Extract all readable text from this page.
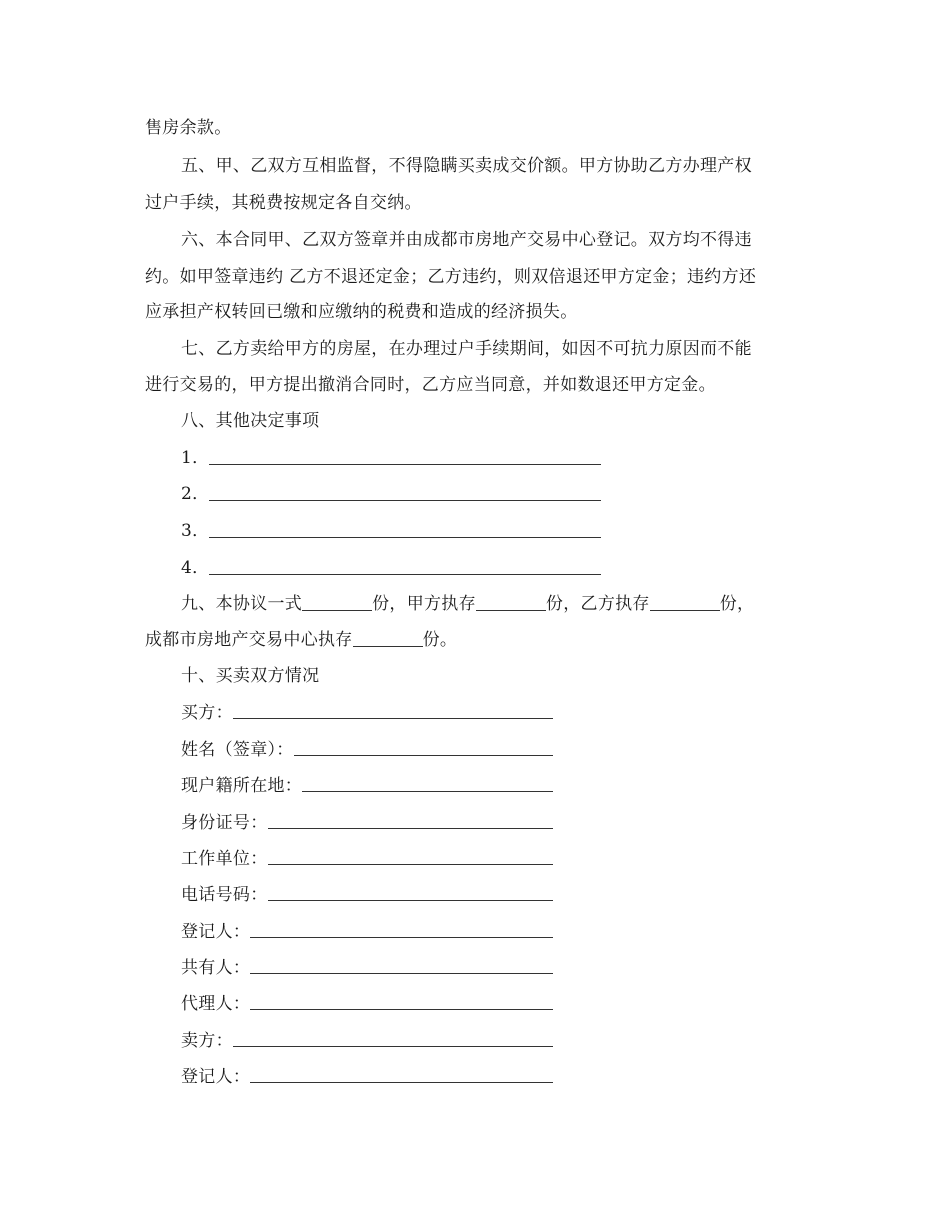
售房余款。
五、甲、乙双方互相监督，不得隐瞒买卖成交价额。甲方协助乙方办理产权
过户手续，其税费按规定各自交纳。
六、本合同甲、乙双方签章并由成都市房地产交易中心登记。双方均不得违
约。如甲签章违约 乙方不退还定金；乙方违约，则双倍退还甲方定金；违约方还
应承担产权转回已缴和应缴纳的税费和造成的经济损失。
七、乙方卖给甲方的房屋，在办理过户手续期间，如因不可抗力原因而不能
进行交易的，甲方提出撤消合同时，乙方应当同意，并如数退还甲方定金。
八、其他决定事项
1．
2．
3．
4．
九、本协议一式	份，甲方执存	份，乙方执存	份，
成都市房地产交易中心执存	份。
十、买卖双方情况
买方：
姓名（签章）：
现户籍所在地：
身份证号：
工作单位：
电话号码：
登记人：
共有人：
代理人：
卖方：
登记人：
